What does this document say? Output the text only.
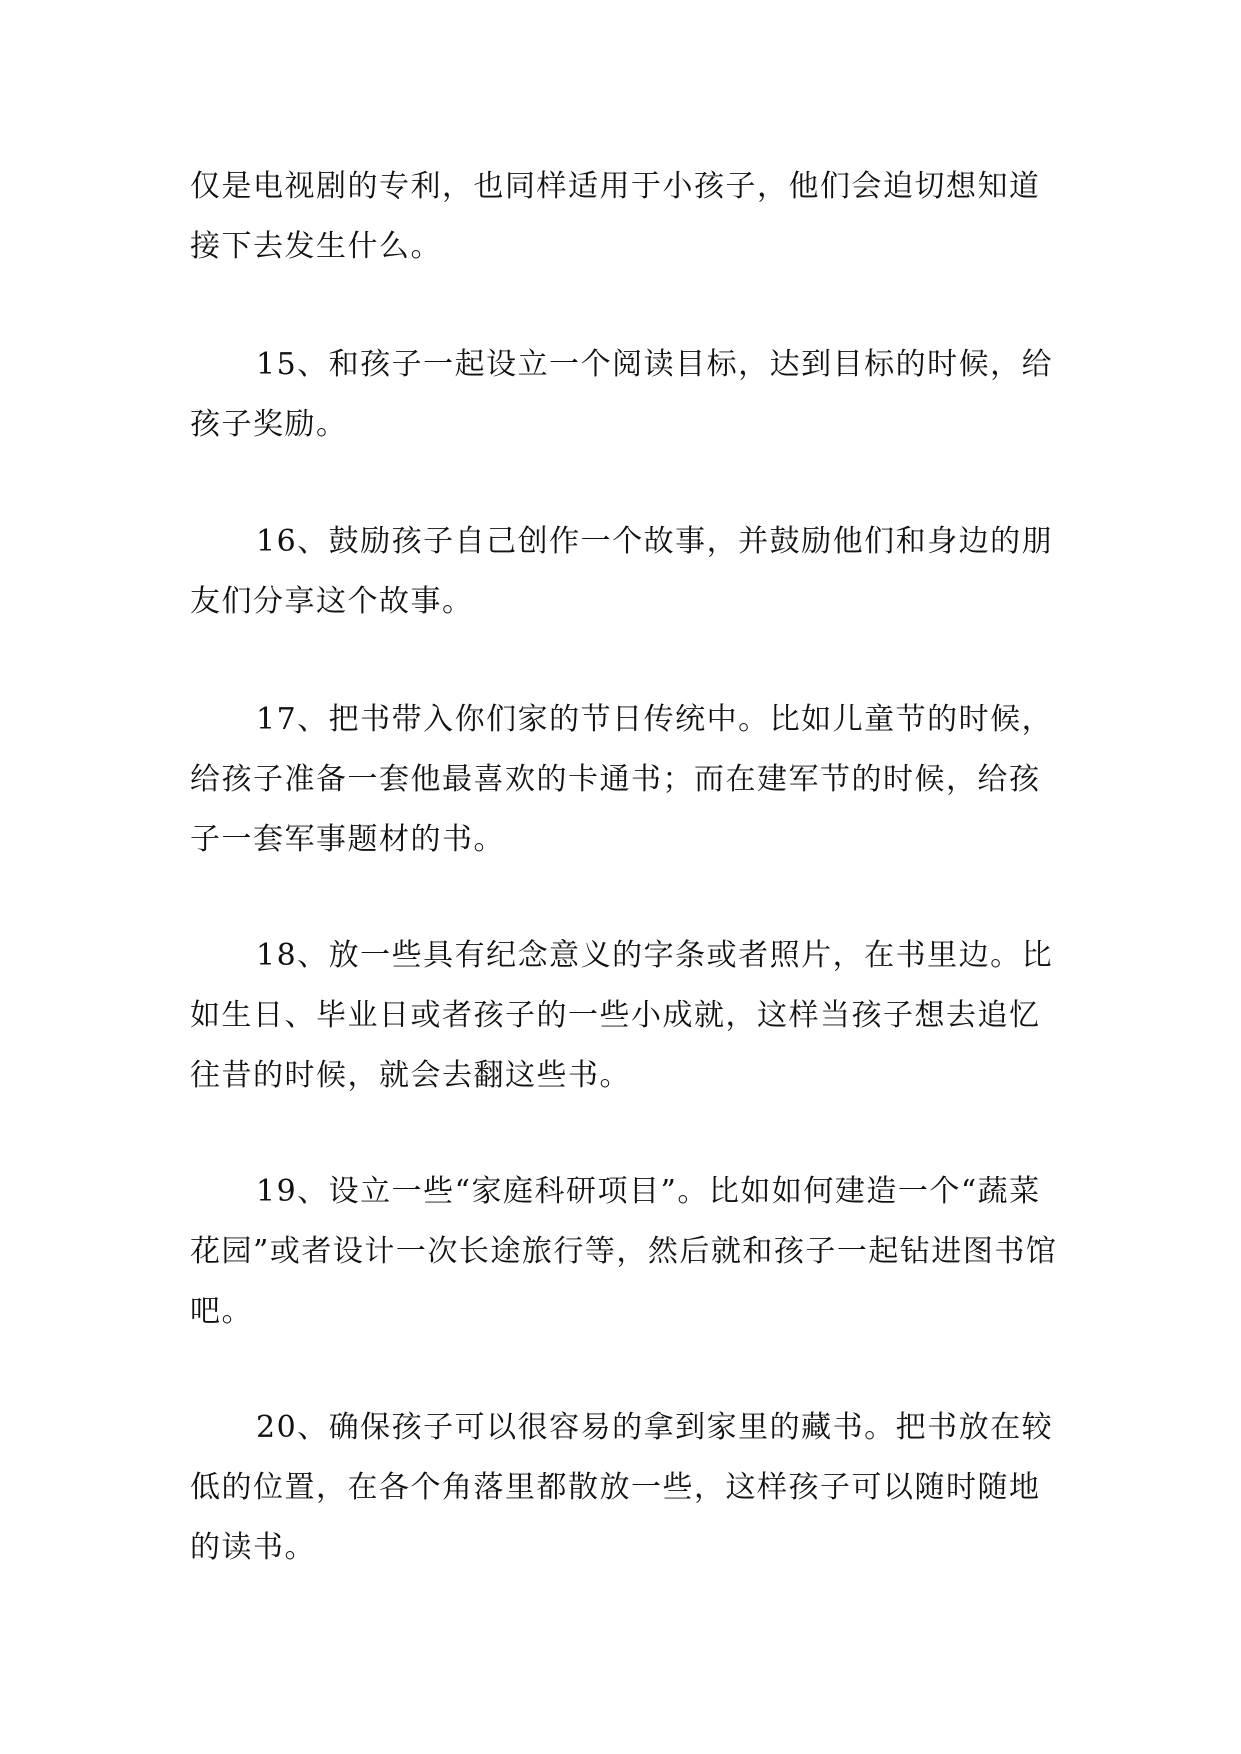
仅是电视剧的专利，也同样适用于小孩子，他们会迫切想知道接下去发生什么。

15、和孩子一起设立一个阅读目标，达到目标的时候，给孩子奖励。

16、鼓励孩子自己创作一个故事，并鼓励他们和身边的朋友们分享这个故事。

17、把书带入你们家的节日传统中。比如儿童节的时候，给孩子准备一套他最喜欢的卡通书；而在建军节的时候，给孩子一套军事题材的书。

18、放一些具有纪念意义的字条或者照片，在书里边。比如生日、毕业日或者孩子的一些小成就，这样当孩子想去追忆往昔的时候，就会去翻这些书。

19、设立一些“家庭科研项目”。比如如何建造一个“蔬菜花园”或者设计一次长途旅行等，然后就和孩子一起钻进图书馆吧。

20、确保孩子可以很容易的拿到家里的藏书。把书放在较低的位置，在各个角落里都散放一些，这样孩子可以随时随地的读书。
